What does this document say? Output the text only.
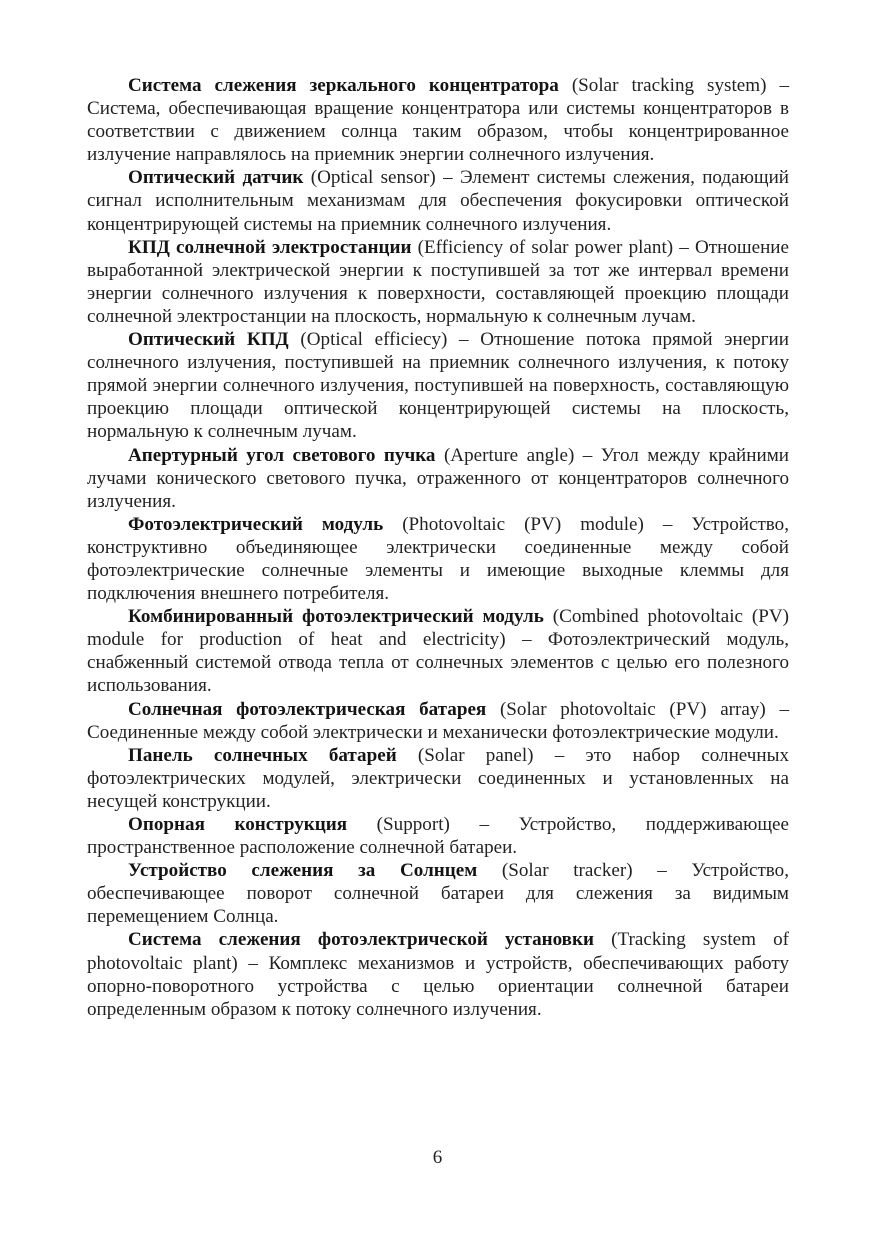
Система слежения зеркального концентратора (Solar tracking system) – Система, обеспечивающая вращение концентратора или системы концентраторов в соответствии с движением солнца таким образом, чтобы концентрированное излучение направлялось на приемник энергии солнечного излучения.

Оптический датчик (Optical sensor) – Элемент системы слежения, подающий сигнал исполнительным механизмам для обеспечения фокусировки оптической концентрирующей системы на приемник солнечного излучения.

КПД солнечной электростанции (Efficiency of solar power plant) – Отношение выработанной электрической энергии к поступившей за тот же интервал времени энергии солнечного излучения к поверхности, составляющей проекцию площади солнечной электростанции на плоскость, нормальную к солнечным лучам.

Оптический КПД (Optical efficiecy) – Отношение потока прямой энергии солнечного излучения, поступившей на приемник солнечного излучения, к потоку прямой энергии солнечного излучения, поступившей на поверхность, составляющую проекцию площади оптической концентрирующей системы на плоскость, нормальную к солнечным лучам.

Апертурный угол светового пучка (Aperture angle) – Угол между крайними лучами конического светового пучка, отраженного от концентраторов солнечного излучения.

Фотоэлектрический модуль (Photovoltaic (PV) module) – Устройство, конструктивно объединяющее электрически соединенные между собой фотоэлектрические солнечные элементы и имеющие выходные клеммы для подключения внешнего потребителя.

Комбинированный фотоэлектрический модуль (Combined photovoltaic (PV) module for production of heat and electricity) – Фотоэлектрический модуль, снабженный системой отвода тепла от солнечных элементов с целью его полезного использования.

Солнечная фотоэлектрическая батарея (Solar photovoltaic (PV) array) – Соединенные между собой электрически и механически фотоэлектрические модули.

Панель солнечных батарей (Solar panel) – это набор солнечных фотоэлектрических модулей, электрически соединенных и установленных на несущей конструкции.

Опорная конструкция (Support) – Устройство, поддерживающее пространственное расположение солнечной батареи.

Устройство слежения за Солнцем (Solar tracker) – Устройство, обеспечивающее поворот солнечной батареи для слежения за видимым перемещением Солнца.

Система слежения фотоэлектрической установки (Tracking system of photovoltaic plant) – Комплекс механизмов и устройств, обеспечивающих работу опорно-поворотного устройства с целью ориентации солнечной батареи определенным образом к потоку солнечного излучения.

6
